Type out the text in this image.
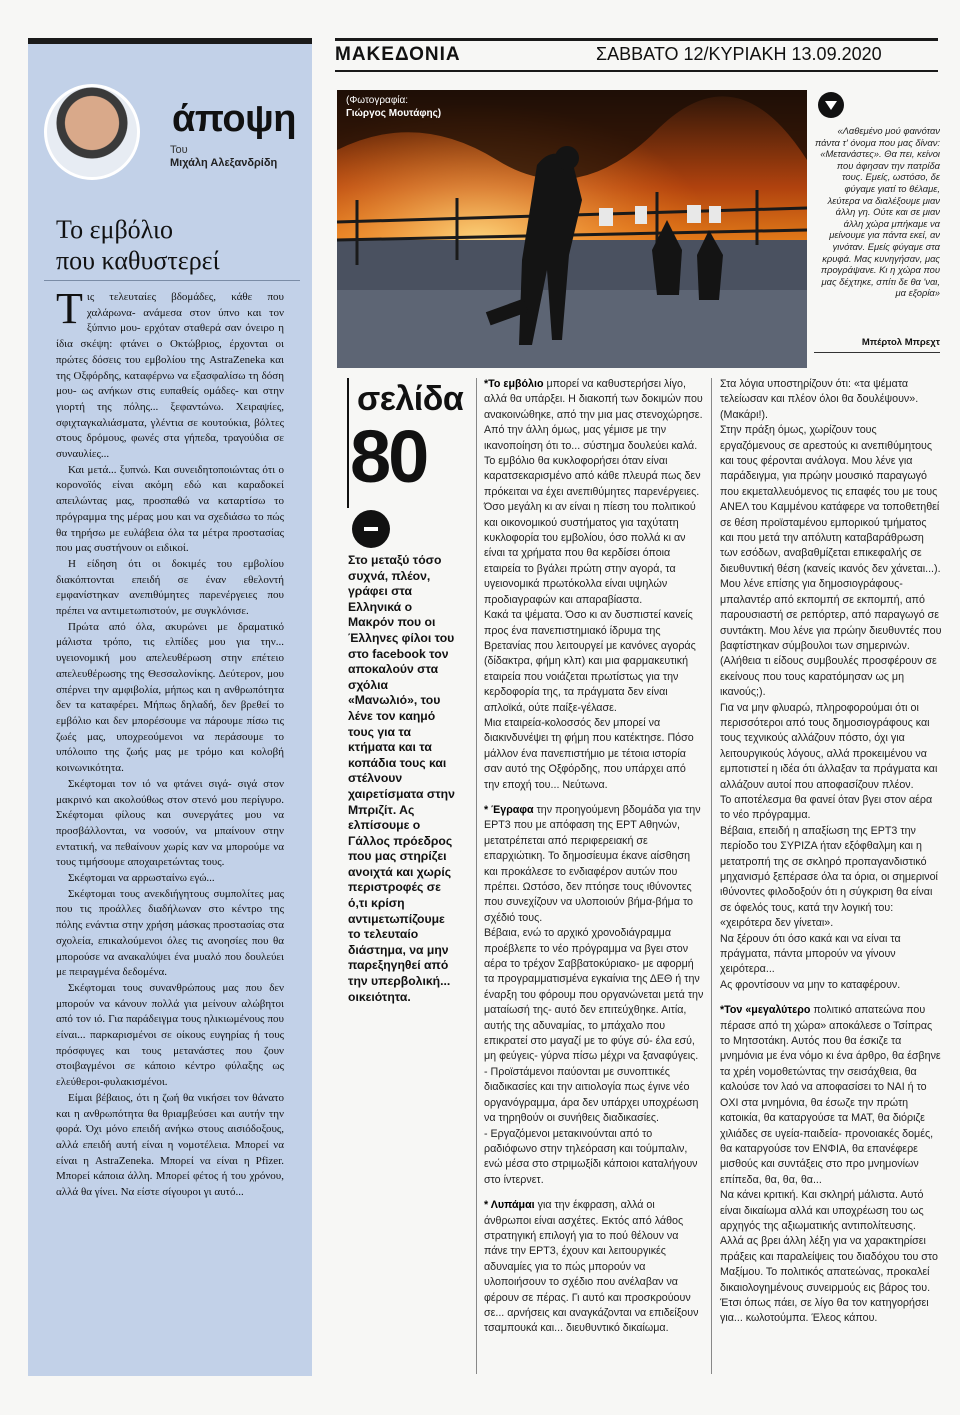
ΜΑΚΕΔΟΝΙΑ	ΣΑΒΒΑΤΟ 12/ΚΥΡΙΑΚΗ 13.09.2020
άποψη
Του
Μιχάλη Αλεξανδρίδη
Το εμβόλιο
που καθυστερεί

Τις τελευταίες βδομάδες, κάθε που χαλάρωνα- ανάμεσα στον ύπνο και τον ξύπνιο μου- ερχόταν σταθερά σαν όνειρο η ίδια σκέψη: φτάνει ο Οκτώβριος, έρχονται οι πρώτες δόσεις του εμβολίου της AstraZeneka και της Οξφόρδης, καταφέρνω να εξασφαλίσω τη δόση μου- ως ανήκων στις ευπαθείς ομάδες- και στην γιορτή της πόλης... ξεφαντώνω. Χειραψίες, σφιχταγκαλιάσματα, γλέντια σε κουτούκια, βόλτες στους δρόμους, φωνές στα γήπεδα, τραγούδια σε συναυλίες...

Και μετά... ξυπνώ. Και συνειδητοποιώντας ότι ο κορονοϊός είναι ακόμη εδώ και καραδοκεί απειλώντας μας, προσπαθώ να καταρτίσω το πρόγραμμα της μέρας μου και να σχεδιάσω το πώς θα τηρήσω με ευλάβεια όλα τα μέτρα προστασίας που μας συστήνουν οι ειδικοί.

Η είδηση ότι οι δοκιμές του εμβολίου διακόπτονται επειδή σε έναν εθελοντή εμφανίστηκαν ανεπιθύμητες παρενέργειες που πρέπει να αντιμετωπιστούν, με συγκλόνισε.

Πρώτα από όλα, ακυρώνει με δραματικό μάλιστα τρόπο, τις ελπίδες μου για την... υγειονομική μου απελευθέρωση στην επέτειο απελευθέρωσης της Θεσσαλονίκης. Δεύτερον, μου σπέρνει την αμφιβολία, μήπως και η ανθρωπότητα δεν τα καταφέρει. Μήπως δηλαδή, δεν βρεθεί το εμβόλιο και δεν μπορέσουμε να πάρουμε πίσω τις ζωές μας, υποχρεούμενοι να περάσουμε το υπόλοιπο της ζωής μας με τρόμο και κολοβή κοινωνικότητα.

Σκέφτομαι τον ιό να φτάνει σιγά- σιγά στον μακρινό και ακολούθως στον στενό μου περίγυρο. Σκέφτομαι φίλους και συνεργάτες μου να προσβάλλονται, να νοσούν, να μπαίνουν στην εντατική, να πεθαίνουν χωρίς καν να μπορούμε να τους τιμήσουμε αποχαιρετώντας τους.

Σκέφτομαι να αρρωσταίνω εγώ...

Σκέφτομαι τους ανεκδιήγητους συμπολίτες μας που τις προάλλες διαδήλωναν στο κέντρο της πόλης ενάντια στην χρήση μάσκας προστασίας στα σχολεία, επικαλούμενοι όλες τις ανοησίες που θα μπορούσε να ανακαλύψει ένα μυαλό που δουλεύει με πειραγμένα δεδομένα.

Σκέφτομαι τους συνανθρώπους μας που δεν μπορούν να κάνουν πολλά για μείνουν αλώβητοι από τον ιό. Για παράδειγμα τους ηλικιωμένους που είναι... παρκαρισμένοι σε οίκους ευγηρίας ή τους πρόσφυγες και τους μετανάστες που ζουν στοιβαγμένοι σε κάποιο κέντρο φύλαξης ως ελεύθεροι-φυλακισμένοι.

Είμαι βέβαιος, ότι η ζωή θα νικήσει τον θάνατο και η ανθρωπότητα θα θριαμβεύσει και αυτήν την φορά. Όχι μόνο επειδή ανήκω στους αισιόδοξους, αλλά επειδή αυτή είναι η νομοτέλεια. Μπορεί να είναι η AstraZeneka. Μπορεί να είναι η Pfizer. Μπορεί κάποια άλλη. Μπορεί φέτος ή του χρόνου, αλλά θα γίνει. Να είστε σίγουροι γι αυτό...

(Φωτογραφία:
Γιώργος Μουτάφης)
«Λαθεμένο μού φαινόταν πάντα τ' όνομα που μας δίναν: «Μετανάστες». Θα πει, κείνοι που άφησαν την πατρίδα τους. Εμείς, ωστόσο, δε φύγαμε γιατί το θέλαμε, λεύτερα να διαλέξουμε μιαν άλλη γη. Ούτε και σε μιαν άλλη χώρα μπήκαμε να μείνουμε για πάντα εκεί, αν γινόταν. Εμείς φύγαμε στα κρυφά. Μας κυνηγήσαν, μας προγράψανε. Κι η χώρα που μας δέχτηκε, σπίτι δε θα 'ναι, μα εξορία»
Μπέρτολ Μπρεχτ
σελίδα
80
Στο μεταξύ τόσο συχνά, πλέον, γράφει στα Ελληνικά ο Μακρόν που οι Έλληνες φίλοι του στο facebook τον αποκαλούν στα σχόλια «Μανωλιό», του λένε τον καημό τους για τα κτήματα και τα κοπάδια τους και στέλνουν χαιρετίσματα στην Μπριζίτ. Ας ελπίσουμε ο Γάλλος πρόεδρος που μας στηρίζει ανοιχτά και χωρίς περιστροφές σε ό,τι κρίση αντιμετωπίζουμε το τελευταίο διάστημα, να μην παρεξηγηθεί από την υπερβολική... οικειότητα.

*Το εμβόλιο μπορεί να καθυστερήσει λίγο, αλλά θα υπάρξει. Η διακοπή των δοκιμών που ανακοινώθηκε, από την μια μας στενοχώρησε. Από την άλλη όμως, μας γέμισε με την ικανοποίηση ότι το... σύστημα δουλεύει καλά. Το εμβόλιο θα κυκλοφορήσει όταν είναι καρατσεκαρισμένο από κάθε πλευρά πως δεν πρόκειται να έχει ανεπιθύμητες παρενέργειες. Όσο μεγάλη κι αν είναι η πίεση του πολιτικού και οικονομικού συστήματος για ταχύτατη κυκλοφορία του εμβολίου, όσο πολλά κι αν είναι τα χρήματα που θα κερδίσει όποια εταιρεία το βγάλει πρώτη στην αγορά, τα υγειονομικά πρωτόκολλα είναι υψηλών προδιαγραφών και απαραβίαστα.

Κακά τα ψέματα. Όσο κι αν δυσπιστεί κανείς προς ένα πανεπιστημιακό ίδρυμα της Βρετανίας που λειτουργεί με κανόνες αγοράς (δίδακτρα, φήμη κλπ) και μια φαρμακευτική εταιρεία που νοιάζεται πρωτίστως για την κερδοφορία της, τα πράγματα δεν είναι απλοϊκά, ούτε παίξε-γέλασε.

Μια εταιρεία-κολοσσός δεν μπορεί να διακινδυνέψει τη φήμη που κατέκτησε. Πόσο μάλλον ένα πανεπιστήμιο με τέτοια ιστορία σαν αυτό της Οξφόρδης, που υπάρχει από την εποχή του... Νεύτωνα.

* Έγραφα την προηγούμενη βδομάδα για την ΕΡΤ3 που με απόφαση της ΕΡΤ Αθηνών, μετατρέπεται από περιφερειακή σε επαρχιώτικη. Το δημοσίευμα έκανε αίσθηση και προκάλεσε το ενδιαφέρον αυτών που πρέπει. Ωστόσο, δεν πτόησε τους ιθύνοντες που συνεχίζουν να υλοποιούν βήμα-βήμα το σχέδιό τους.

Βέβαια, ενώ το αρχικό χρονοδιάγραμμα προέβλεπε το νέο πρόγραμμα να βγει στον αέρα το τρέχον Σαββατοκύριακο- με αφορμή τα προγραμματισμένα εγκαίνια της ΔΕΘ ή την έναρξη του φόρουμ που οργανώνεται μετά την ματαίωσή της- αυτό δεν επιτεύχθηκε. Αιτία, αυτής της αδυναμίας, το μπάχαλο που επικρατεί στο μαγαζί με το φύγε σύ- έλα εσύ, μη φεύγεις- γύρνα πίσω μέχρι να ξαναφύγεις.

- Προϊστάμενοι παύονται με συνοπτικές διαδικασίες και την αιτιολογία πως έγινε νέο οργανόγραμμα, άρα δεν υπάρχει υποχρέωση να τηρηθούν οι συνήθεις διαδικασίες.

- Εργαζόμενοι μετακινούνται από το ραδιόφωνο στην τηλεόραση και τούμπαλιν, ενώ μέσα στο στριμωξίδι κάποιοι καταλήγουν στο ίντερνετ.

* Λυπάμαι για την έκφραση, αλλά οι άνθρωποι είναι ασχέτες. Εκτός από λάθος στρατηγική επιλογή για το πού θέλουν να πάνε την ΕΡΤ3, έχουν και λειτουργικές αδυναμίες για το πώς μπορούν να υλοποιήσουν το σχέδιο που ανέλαβαν να φέρουν σε πέρας. Γι αυτό και προσκρούουν σε... αρνήσεις και αναγκάζονται να επιδείξουν τσαμπουκά και... διευθυντικό δικαίωμα.

Στα λόγια υποστηρίζουν ότι: «τα ψέματα τελείωσαν και πλέον όλοι θα δουλέψουν». (Μακάρι!).

Στην πράξη όμως, χωρίζουν τους εργαζόμενους σε αρεστούς κι ανεπιθύμητους και τους φέρονται ανάλογα. Μου λένε για παράδειγμα, για πρώην μουσικό παραγωγό που εκμεταλλευόμενος τις επαφές του με τους ΑΝΕΛ του Καμμένου κατάφερε να τοποθετηθεί σε θέση προϊσταμένου εμπορικού τμήματος και που μετά την απόλυτη καταβαράθρωση των εσόδων, αναβαθμίζεται επικεφαλής σε διευθυντική θέση (κανείς ικανός δεν χάνεται...).

Μου λένε επίσης για δημοσιογράφους-μπαλαντέρ από εκπομπή σε εκπομπή, από παρουσιαστή σε ρεπόρτερ, από παραγωγό σε συντάκτη. Μου λένε για πρώην διευθυντές που βαφτίστηκαν σύμβουλοι των σημερινών. (Αλήθεια τι είδους συμβουλές προσφέρουν σε εκείνους που τους καρατόμησαν ως μη ικανούς;).

Για να μην φλυαρώ, πληροφορούμαι ότι οι περισσότεροι από τους δημοσιογράφους και τους τεχνικούς αλλάζουν πόστο, όχι για λειτουργικούς λόγους, αλλά προκειμένου να εμποτιστεί η ιδέα ότι άλλαξαν τα πράγματα και αλλάζουν αυτοί που αποφασίζουν πλέον.

Το αποτέλεσμα θα φανεί όταν βγει στον αέρα το νέο πρόγραμμα.

Βέβαια, επειδή η απαξίωση της ΕΡΤ3 την περίοδο του ΣΥΡΙΖΑ ήταν εξόφθαλμη και η μετατροπή της σε σκληρό προπαγανδιστικό μηχανισμό ξεπέρασε όλα τα όρια, οι σημερινοί ιθύνοντες φιλοδοξούν ότι η σύγκριση θα είναι σε όφελός τους, κατά την λογική του: «χειρότερα δεν γίνεται».

Να ξέρουν ότι όσο κακά και να είναι τα πράγματα, πάντα μπορούν να γίνουν χειρότερα...

Ας φροντίσουν να μην το καταφέρουν.

*Τον «μεγαλύτερο πολιτικό απατεώνα που πέρασε από τη χώρα» αποκάλεσε ο Τσίπρας το Μητσοτάκη. Αυτός που θα έσκιζε τα μνημόνια με ένα νόμο κι ένα άρθρο, θα έσβηνε τα χρέη νομοθετώντας την σεισάχθεια, θα καλούσε τον λαό να αποφασίσει το ΝΑΙ ή το ΟΧΙ στα μνημόνια, θα έσωζε την πρώτη κατοικία, θα καταργούσε τα ΜΑΤ, θα διόριζε χιλιάδες σε υγεία-παιδεία- προνοιακές δομές, θα καταργούσε τον ΕΝΦΙΑ, θα επανέφερε μισθούς και συντάξεις στο προ μνημονίων επίπεδα, θα, θα, θα...

Να κάνει κριτική. Και σκληρή μάλιστα. Αυτό είναι δικαίωμα αλλά και υποχρέωση του ως αρχηγός της αξιωματικής αντιπολίτευσης. Αλλά ας βρει άλλη λέξη για να χαρακτηρίσει πράξεις και παραλείψεις του διαδόχου του στο Μαξίμου. Το πολιτικός απατεώνας, προκαλεί δικαιολογημένους συνειρμούς εις βάρος του. Έτσι όπως πάει, σε λίγο θα τον κατηγορήσει για... κωλοτούμπα. Έλεος κάπου.
